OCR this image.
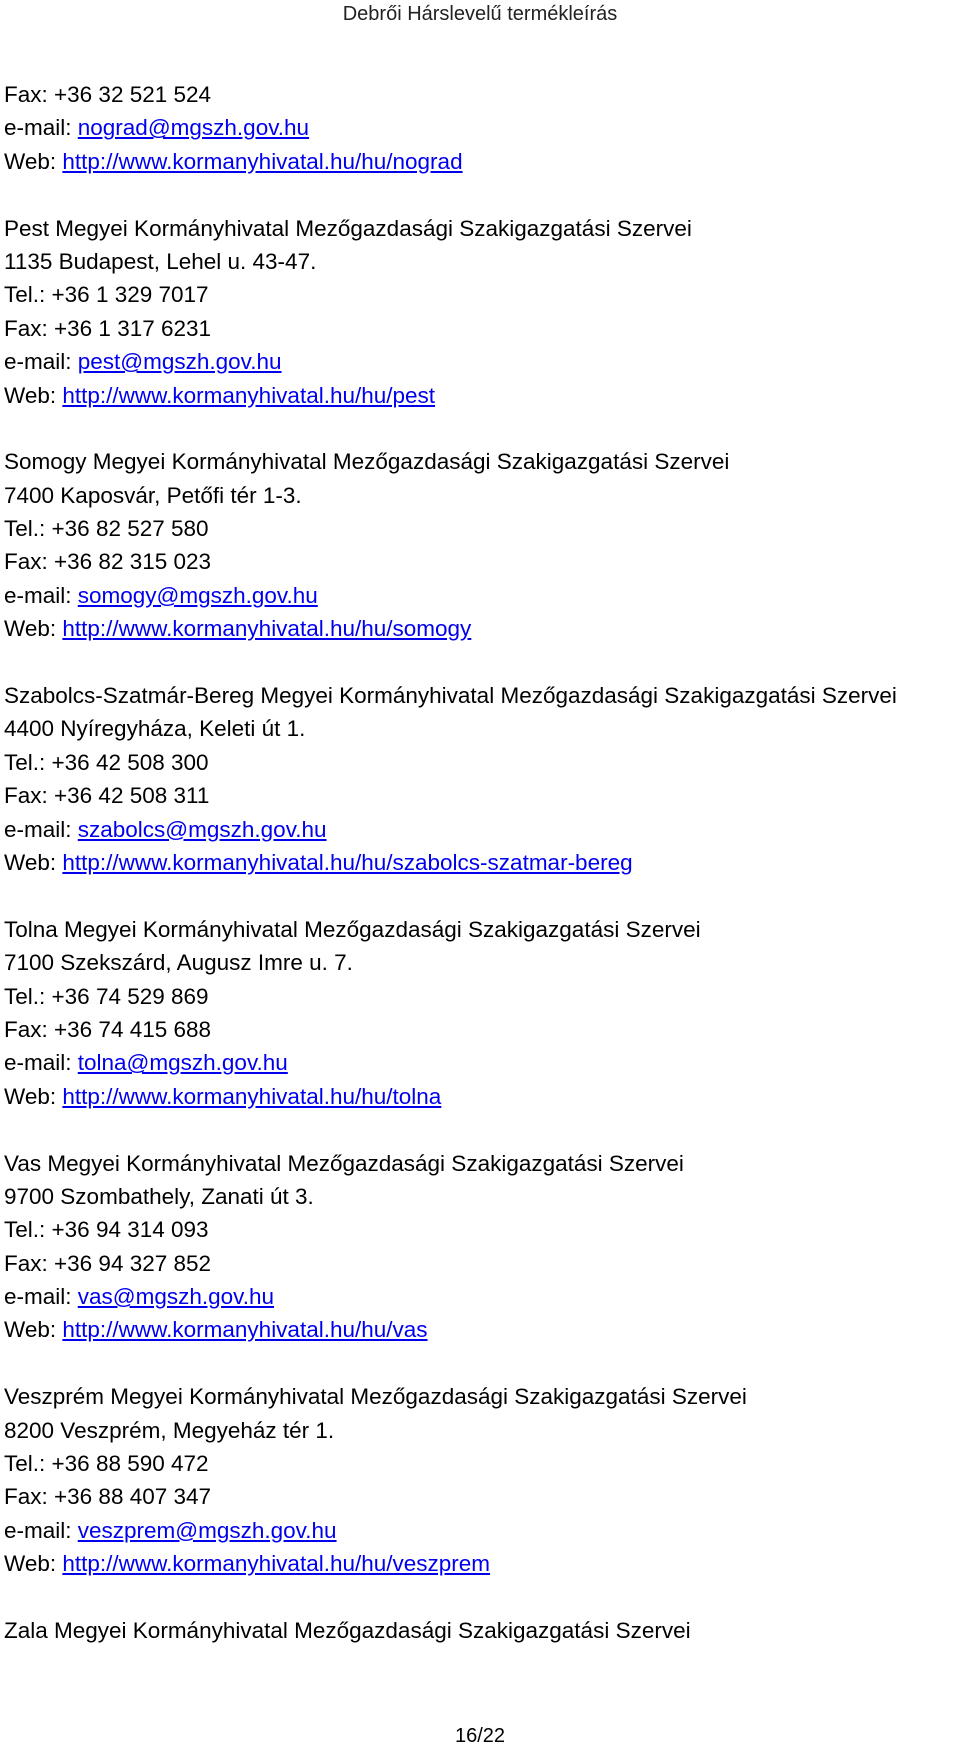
Debrői Hárslevelű termékleírás
Fax: +36 32 521 524
e-mail: nograd@mgszh.gov.hu
Web: http://www.kormanyhivatal.hu/hu/nograd
Pest Megyei Kormányhivatal Mezőgazdasági Szakigazgatási Szervei
1135 Budapest, Lehel u. 43-47.
Tel.: +36 1 329 7017
Fax: +36 1 317 6231
e-mail: pest@mgszh.gov.hu
Web: http://www.kormanyhivatal.hu/hu/pest
Somogy Megyei Kormányhivatal Mezőgazdasági Szakigazgatási Szervei
7400 Kaposvár, Petőfi tér 1-3.
Tel.: +36 82 527 580
Fax: +36 82 315 023
e-mail: somogy@mgszh.gov.hu
Web: http://www.kormanyhivatal.hu/hu/somogy
Szabolcs-Szatmár-Bereg Megyei Kormányhivatal Mezőgazdasági Szakigazgatási Szervei
4400 Nyíregyháza, Keleti út 1.
Tel.: +36 42 508 300
Fax: +36 42 508 311
e-mail: szabolcs@mgszh.gov.hu
Web: http://www.kormanyhivatal.hu/hu/szabolcs-szatmar-bereg
Tolna Megyei Kormányhivatal Mezőgazdasági Szakigazgatási Szervei
7100 Szekszárd, Augusz Imre u. 7.
Tel.: +36 74 529 869
Fax: +36 74 415 688
e-mail: tolna@mgszh.gov.hu
Web: http://www.kormanyhivatal.hu/hu/tolna
Vas Megyei Kormányhivatal Mezőgazdasági Szakigazgatási Szervei
9700 Szombathely, Zanati út 3.
Tel.: +36 94 314 093
Fax: +36 94 327 852
e-mail: vas@mgszh.gov.hu
Web: http://www.kormanyhivatal.hu/hu/vas
Veszprém Megyei Kormányhivatal Mezőgazdasági Szakigazgatási Szervei
8200 Veszprém, Megyeház tér 1.
Tel.: +36 88 590 472
Fax: +36 88 407 347
e-mail: veszprem@mgszh.gov.hu
Web: http://www.kormanyhivatal.hu/hu/veszprem
Zala Megyei Kormányhivatal Mezőgazdasági Szakigazgatási Szervei
16/22
